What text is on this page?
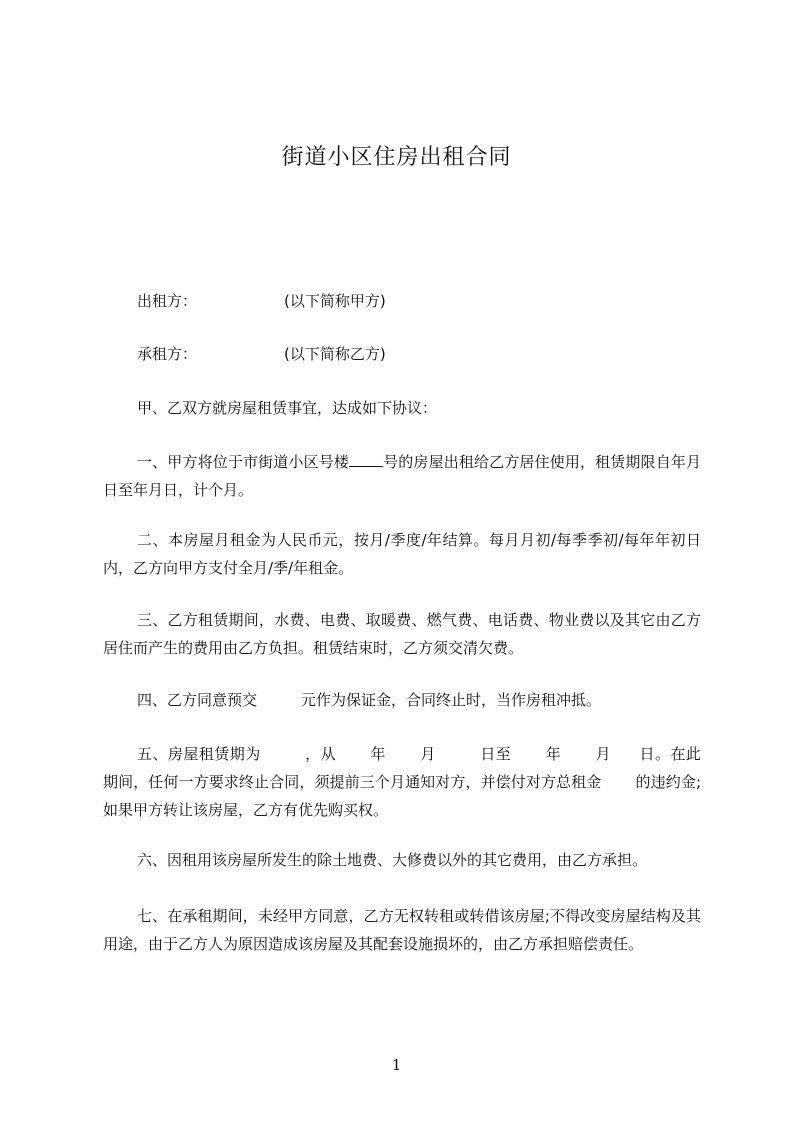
街道小区住房出租合同
出租方：	(以下简称甲方)
承租方：	(以下简称乙方)
甲、乙双方就房屋租赁事宜，达成如下协议：
一、甲方将位于市街道小区号楼 号的房屋出租给乙方居住使用，租赁期限自年月日至年月日，计个月。
二、本房屋月租金为人民币元，按月/季度/年结算。每月月初/每季季初/每年年初日内，乙方向甲方支付全月/季/年租金。
三、乙方租赁期间，水费、电费、取暖费、燃气费、电话费、物业费以及其它由乙方居住而产生的费用由乙方负担。租赁结束时，乙方须交清欠费。
四、乙方同意预交	元作为保证金，合同终止时，当作房租冲抵。
五、房屋租赁期为	，从 年 月	日至 年 月 日。在此期间，任何一方要求终止合同，须提前三个月通知对方，并偿付对方总租金 的违约金;如果甲方转让该房屋，乙方有优先购买权。
六、因租用该房屋所发生的除土地费、大修费以外的其它费用，由乙方承担。
七、在承租期间，未经甲方同意，乙方无权转租或转借该房屋;不得改变房屋结构及其用途，由于乙方人为原因造成该房屋及其配套设施损坏的，由乙方承担赔偿责任。
1
